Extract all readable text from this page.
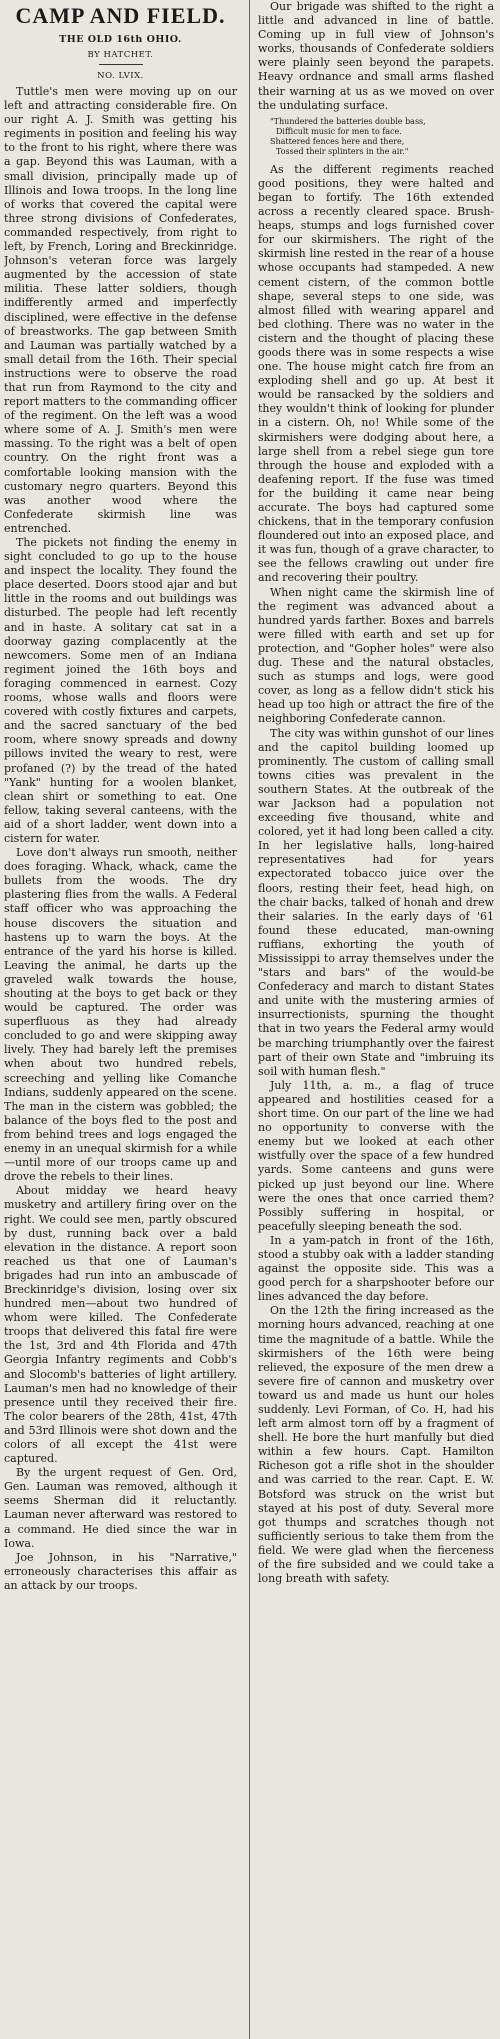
CAMP AND FIELD.
THE OLD 16th OHIO.
BY HATCHET.
NO. LVIX.

Tuttle's men were moving up on our left and attracting considerable fire. On our right A. J. Smith was getting his regiments in position and feeling his way to the front to his right, where there was a gap. Beyond this was Lauman, with a small division, principally made up of Illinois and Iowa troops. In the long line of works that covered the capital were three strong divisions of Confederates, commanded respectively, from right to left, by French, Loring and Breckinridge. Johnson's veteran force was largely augmented by the accession of state militia. These latter soldiers, though indifferently armed and imperfectly disciplined, were effective in the defense of breastworks. The gap between Smith and Lauman was partially watched by a small detail from the 16th. Their special instructions were to observe the road that run from Raymond to the city and report matters to the commanding officer of the regiment. On the left was a wood where some of A. J. Smith's men were massing. To the right was a belt of open country. On the right front was a comfortable looking mansion with the customary negro quarters. Beyond this was another wood where the Confederate skirmish line was entrenched.

The pickets not finding the enemy in sight concluded to go up to the house and inspect the locality. They found the place deserted. Doors stood ajar and but little in the rooms and out buildings was disturbed. The people had left recently and in haste. A solitary cat sat in a doorway gazing complacently at the newcomers. Some men of an Indiana regiment joined the 16th boys and foraging commenced in earnest. Cozy rooms, whose walls and floors were covered with costly fixtures and carpets, and the sacred sanctuary of the bed room, where snowy spreads and downy pillows invited the weary to rest, were profaned (?) by the tread of the hated "Yank" hunting for a woolen blanket, clean shirt or something to eat. One fellow, taking several canteens, with the aid of a short ladder, went down into a cistern for water.

Love don't always run smooth, neither does foraging. Whack, whack, came the bullets from the woods. The dry plastering flies from the walls. A Federal staff officer who was approaching the house discovers the situation and hastens up to warn the boys. At the entrance of the yard his horse is killed. Leaving the animal, he darts up the graveled walk towards the house, shouting at the boys to get back or they would be captured. The order was superfluous as they had already concluded to go and were skipping away lively. They had barely left the premises when about two hundred rebels, screeching and yelling like Comanche Indians, suddenly appeared on the scene. The man in the cistern was gobbled; the balance of the boys fled to the post and from behind trees and logs engaged the enemy in an unequal skirmish for a while—until more of our troops came up and drove the rebels to their lines.

About midday we heard heavy musketry and artillery firing over on the right. We could see men, partly obscured by dust, running back over a bald elevation in the distance. A report soon reached us that one of Lauman's brigades had run into an ambuscade of Breckinridge's division, losing over six hundred men—about two hundred of whom were killed. The Confederate troops that delivered this fatal fire were the 1st, 3rd and 4th Florida and 47th Georgia Infantry regiments and Cobb's and Slocomb's batteries of light artillery. Lauman's men had no knowledge of their presence until they received their fire. The color bearers of the 28th, 41st, 47th and 53rd Illinois were shot down and the colors of all except the 41st were captured.

By the urgent request of Gen. Ord, Gen. Lauman was removed, although it seems Sherman did it reluctantly. Lauman never afterward was restored to a command. He died since the war in Iowa.

Joe Johnson, in his "Narrative," erroneously characterises this affair as an attack by our troops.

Our brigade was shifted to the right a little and advanced in line of battle. Coming up in full view of Johnson's works, thousands of Confederate soldiers were plainly seen beyond the parapets. Heavy ordnance and small arms flashed their warning at us as we moved on over the undulating surface.

"Thundered the batteries double bass,
Difficult music for men to face.
Shattered fences here and there,
Tossed their splinters in the air."

As the different regiments reached good positions, they were halted and began to fortify. The 16th extended across a recently cleared space. Brush-heaps, stumps and logs furnished cover for our skirmishers. The right of the skirmish line rested in the rear of a house whose occupants had stampeded. A new cement cistern, of the common bottle shape, several steps to one side, was almost filled with wearing apparel and bed clothing. There was no water in the cistern and the thought of placing these goods there was in some respects a wise one. The house might catch fire from an exploding shell and go up. At best it would be ransacked by the soldiers and they wouldn't think of looking for plunder in a cistern. Oh, no! While some of the skirmishers were dodging about here, a large shell from a rebel siege gun tore through the house and exploded with a deafening report. If the fuse was timed for the building it came near being accurate. The boys had captured some chickens, that in the temporary confusion floundered out into an exposed place, and it was fun, though of a grave character, to see the fellows crawling out under fire and recovering their poultry.

When night came the skirmish line of the regiment was advanced about a hundred yards farther. Boxes and barrels were filled with earth and set up for protection, and "Gopher holes" were also dug. These and the natural obstacles, such as stumps and logs, were good cover, as long as a fellow didn't stick his head up too high or attract the fire of the neighboring Confederate cannon.

The city was within gunshot of our lines and the capitol building loomed up prominently. The custom of calling small towns cities was prevalent in the southern States. At the outbreak of the war Jackson had a population not exceeding five thousand, white and colored, yet it had long been called a city. In her legislative halls, long-haired representatives had for years expectorated tobacco juice over the floors, resting their feet, head high, on the chair backs, talked of honah and drew their salaries. In the early days of '61 found these educated, man-owning ruffians, exhorting the youth of Mississippi to array themselves under the "stars and bars" of the would-be Confederacy and march to distant States and unite with the mustering armies of insurrectionists, spurning the thought that in two years the Federal army would be marching triumphantly over the fairest part of their own State and "imbruing its soil with human flesh."

July 11th, a. m., a flag of truce appeared and hostilities ceased for a short time. On our part of the line we had no opportunity to converse with the enemy but we looked at each other wistfully over the space of a few hundred yards. Some canteens and guns were picked up just beyond our line. Where were the ones that once carried them? Possibly suffering in hospital, or peacefully sleeping beneath the sod.

In a yam-patch in front of the 16th, stood a stubby oak with a ladder standing against the opposite side. This was a good perch for a sharpshooter before our lines advanced the day before.

On the 12th the firing increased as the morning hours advanced, reaching at one time the magnitude of a battle. While the skirmishers of the 16th were being relieved, the exposure of the men drew a severe fire of cannon and musketry over toward us and made us hunt our holes suddenly. Levi Forman, of Co. H, had his left arm almost torn off by a fragment of shell. He bore the hurt manfully but died within a few hours. Capt. Hamilton Richeson got a rifle shot in the shoulder and was carried to the rear. Capt. E. W. Botsford was struck on the wrist but stayed at his post of duty. Several more got thumps and scratches though not sufficiently serious to take them from the field. We were glad when the fierceness of the fire subsided and we could take a long breath with safety.
